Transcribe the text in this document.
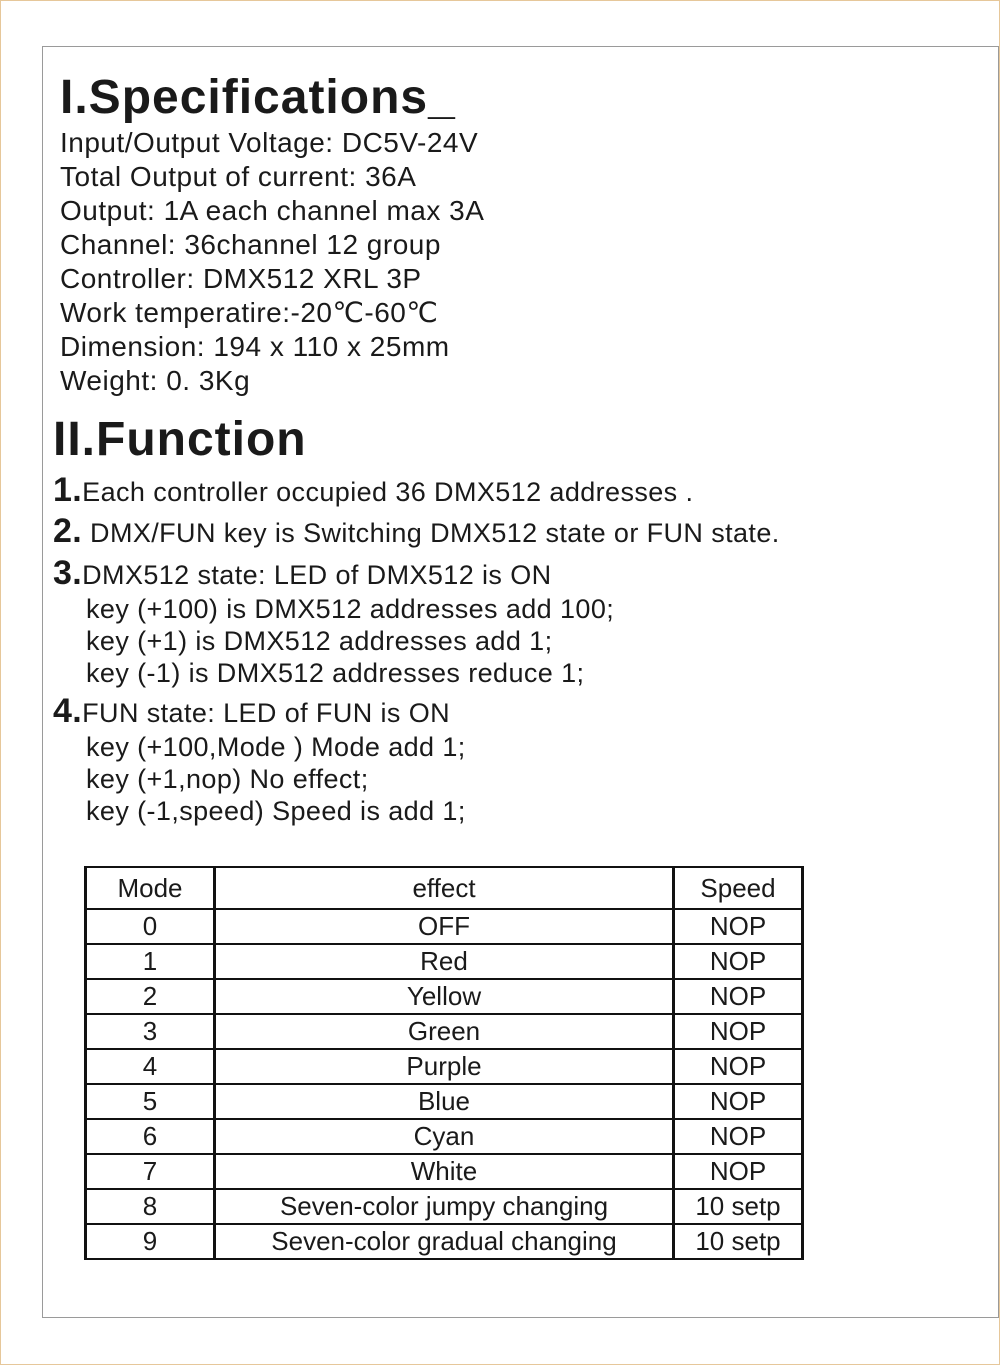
I.Specifications_
Input/Output Voltage: DC5V-24V
Total Output of current: 36A
Output: 1A each channel max 3A
Channel: 36channel 12 group
Controller: DMX512 XRL 3P
Work temperatire:-20℃-60℃
Dimension: 194 x 110 x 25mm
Weight: 0. 3Kg
II.Function
1.Each controller occupied 36 DMX512 addresses .
2. DMX/FUN key is Switching DMX512 state or FUN state.
3.DMX512 state: LED of DMX512 is ON
key (+100) is DMX512 addresses add 100;
key (+1) is DMX512 addresses add 1;
key (-1) is DMX512 addresses reduce 1;
4.FUN state: LED of FUN is ON
key (+100,Mode ) Mode add 1;
key (+1,nop) No effect;
key (-1,speed) Speed is add 1;
Mode	effect	Speed
0	OFF	NOP
1	Red	NOP
2	Yellow	NOP
3	Green	NOP
4	Purple	NOP
5	Blue	NOP
6	Cyan	NOP
7	White	NOP
8	Seven-color jumpy changing	10 setp
9	Seven-color gradual changing	10 setp
